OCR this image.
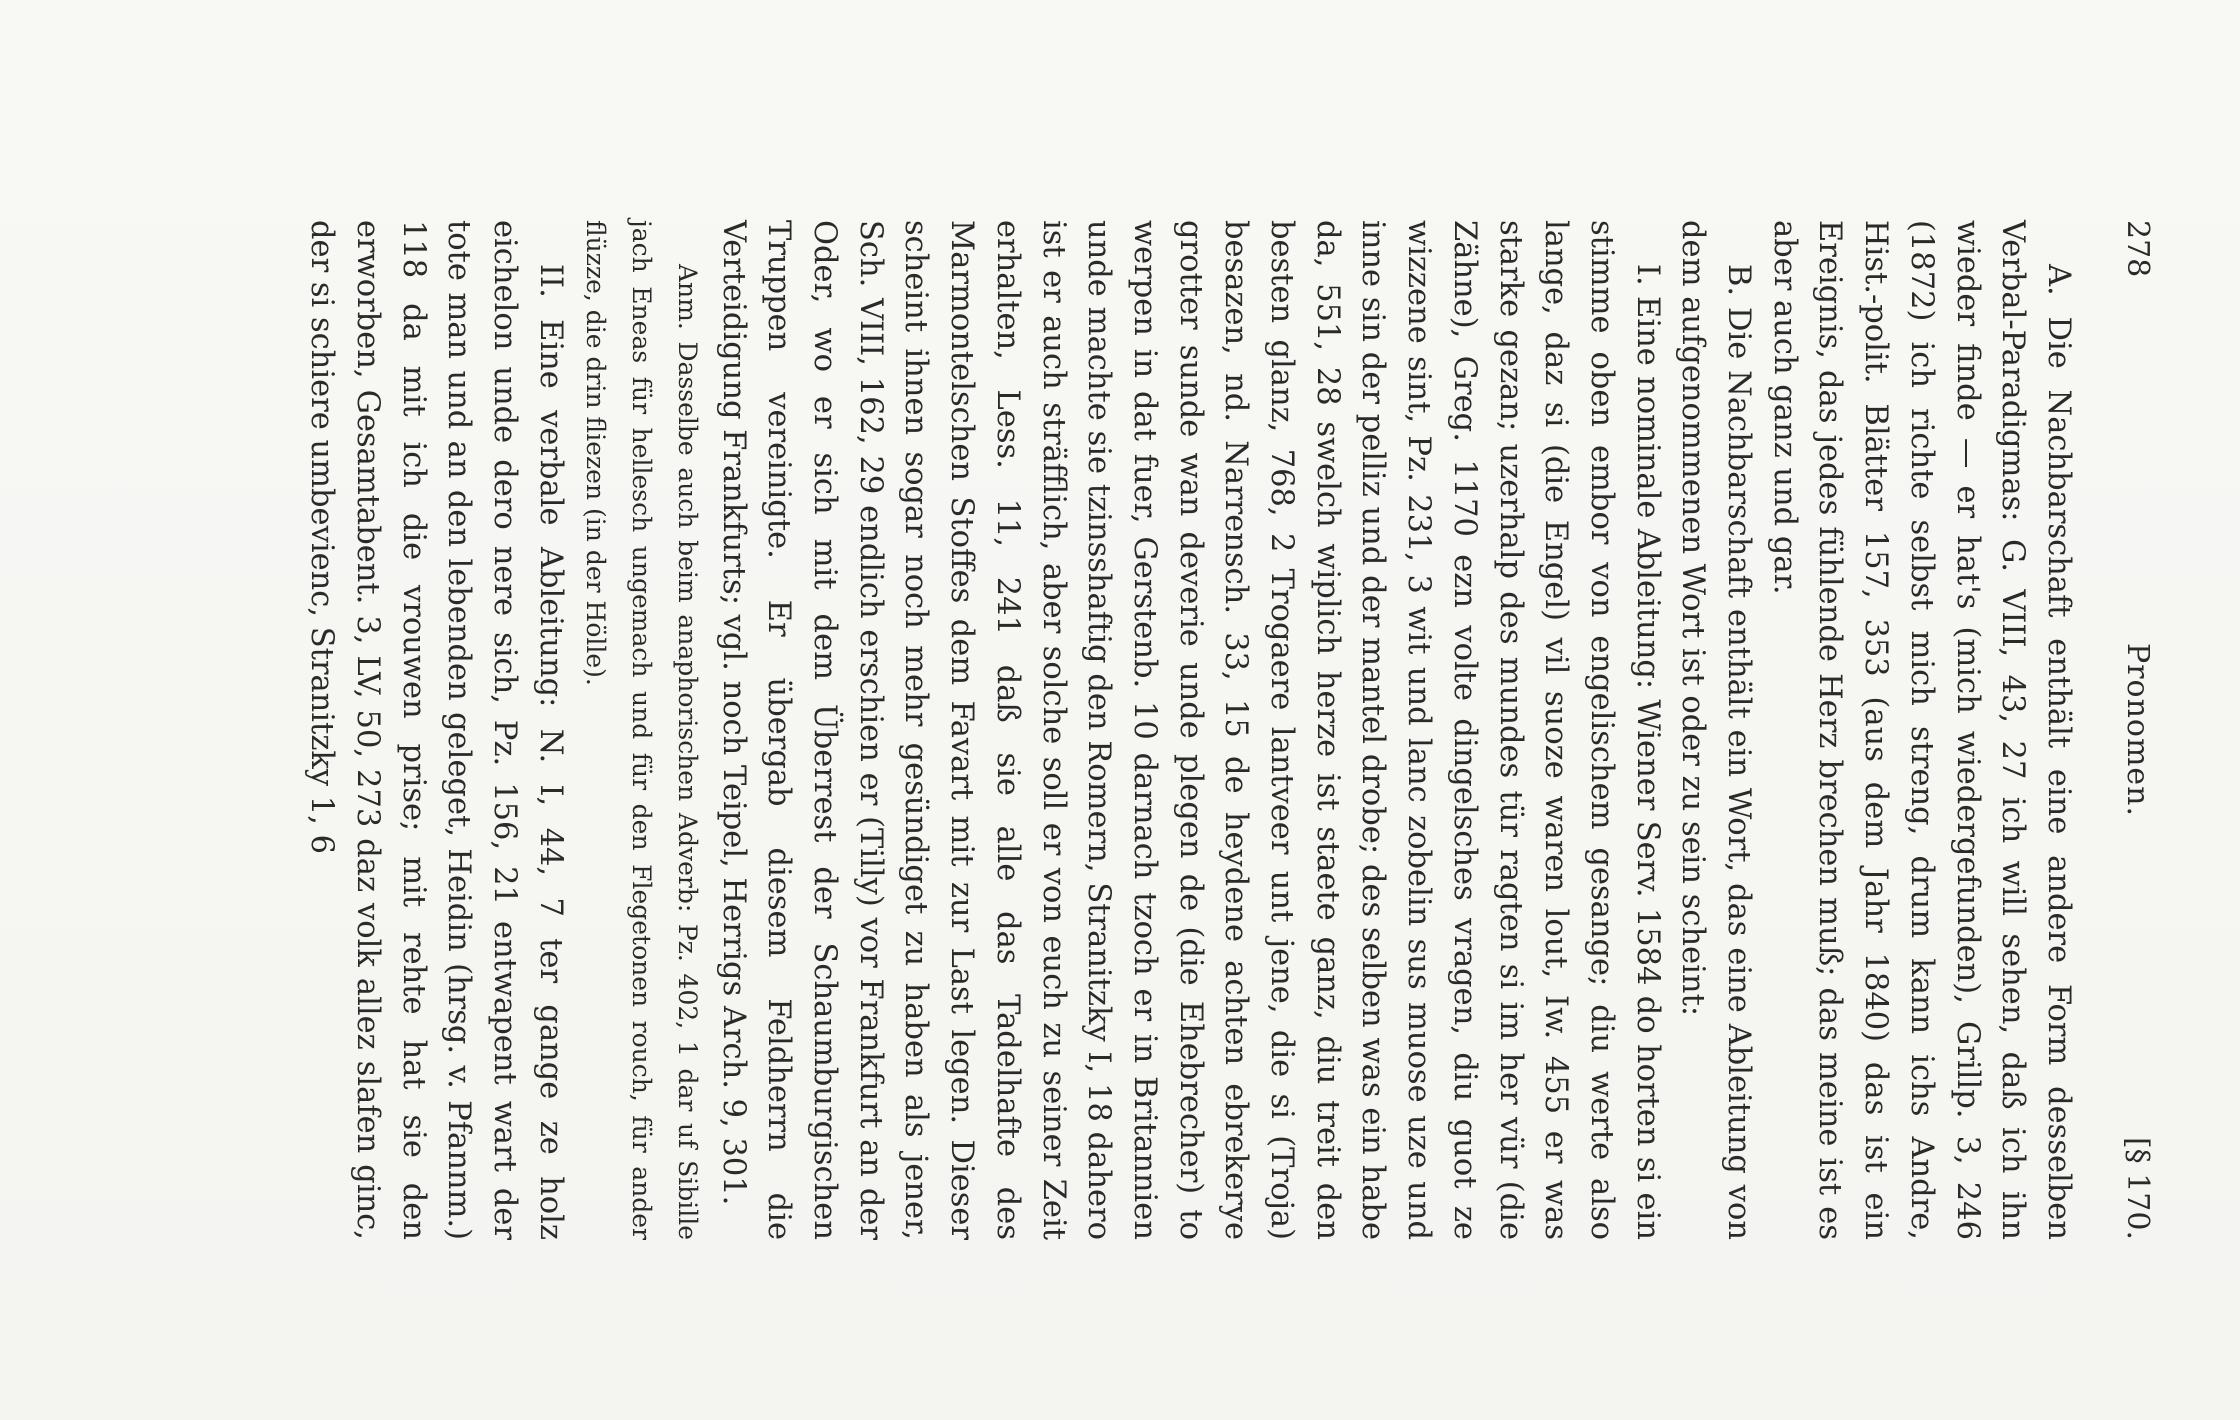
278
Pronomen.
[§ 170.

A. Die Nachbarschaft enthält eine andere Form desselben Verbal-Paradigmas: G. VIII, 43, 27 ich will sehen, daß ich ihn wieder finde — er hat's (mich wiedergefunden), Grillp. 3, 246 (1872) ich richte selbst mich streng, drum kann ichs Andre, Hist.-polit. Blätter 157, 353 (aus dem Jahr 1840) das ist ein Ereignis, das jedes fühlende Herz brechen muß; das meine ist es aber auch ganz und gar.

B. Die Nachbarschaft enthält ein Wort, das eine Ableitung von dem aufgenommenen Wort ist oder zu sein scheint:

I. Eine nominale Ableitung: Wiener Serv. 1584 do horten si ein stimme oben embor von engelischem gesange; diu werte also lange, daz si (die Engel) vil suoze waren lout, Iw. 455 er was starke gezan; uzerhalp des mundes tür ragten si im her vür (die Zähne), Greg. 1170 ezn volte dingelsches vragen, diu guot ze wizzene sint, Pz. 231, 3 wit und lanc zobelin sus muose uze und inne sin der pelliz und der mantel drobe; des selben was ein habe da, 551, 28 swelch wiplich herze ist staete ganz, diu treit den besten glanz, 768, 2 Trogaere lantveer unt jene, die si (Troja) besazen, nd. Narrensch. 33, 15 de heydene achten ebrekerye grotter sunde wan deverie unde plegen de (die Ehebrecher) to werpen in dat fuer, Gerstenb. 10 darnach tzoch er in Britannien unde machte sie tzinsshaftig den Romern, Stranitzky I, 18 dahero ist er auch sträfflich, aber solche soll er von euch zu seiner Zeit erhalten, Less. 11, 241 daß sie alle das Tadelhafte des Marmontelschen Stoffes dem Favart mit zur Last legen. Dieser scheint ihnen sogar noch mehr gesündiget zu haben als jener, Sch. VIII, 162, 29 endlich erschien er (Tilly) vor Frankfurt an der Oder, wo er sich mit dem Überrest der Schaumburgischen Truppen vereinigte. Er übergab diesem Feldherrn die Verteidigung Frankfurts; vgl. noch Teipel, Herrigs Arch. 9, 301.

Anm. Dasselbe auch beim anaphorischen Adverb: Pz. 402, 1 dar uf Sibille jach Eneas für hellesch ungemach und für den Flegetonen rouch, für ander flüzze, die drin fliezen (in der Hölle).

II. Eine verbale Ableitung: N. I, 44, 7 ter gange ze holz eichelon unde dero nere sich, Pz. 156, 21 entwapent wart der tote man und an den lebenden geleget, Heidin (hrsg. v. Pfannm.) 118 da mit ich die vrouwen prise; mit rehte hat sie den erworben, Gesamtabent. 3, LV, 50, 273 daz volk allez slafen ginc, der si schiere umbevienc, Stranitzky 1, 6
